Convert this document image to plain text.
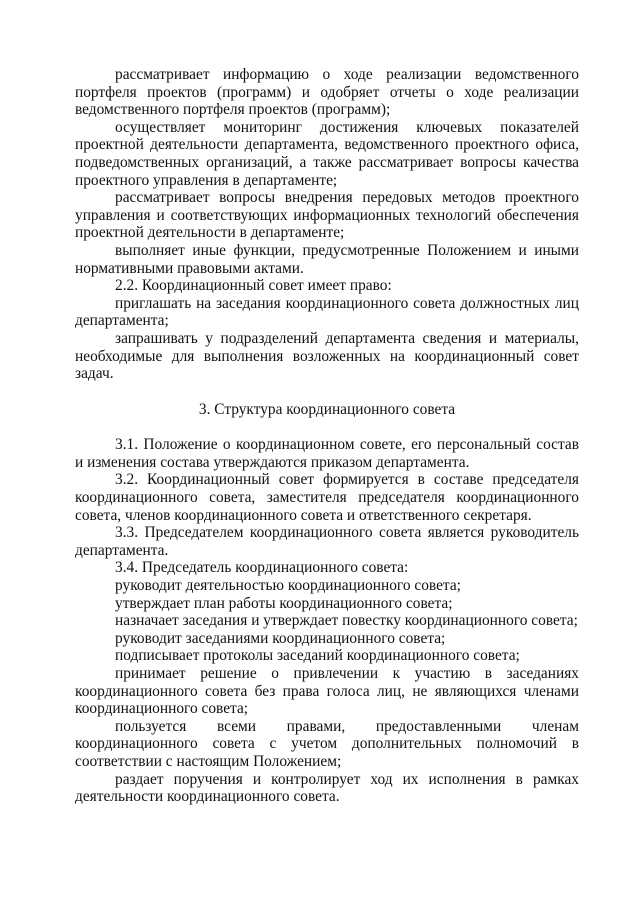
рассматривает информацию о ходе реализации ведомственного портфеля проектов (программ) и одобряет отчеты о ходе реализации ведомственного портфеля проектов (программ);

осуществляет мониторинг достижения ключевых показателей проектной деятельности департамента, ведомственного проектного офиса, подведомственных организаций, а также рассматривает вопросы качества проектного управления в департаменте;

рассматривает вопросы внедрения передовых методов проектного управления и соответствующих информационных технологий обеспечения проектной деятельности в департаменте;

выполняет иные функции, предусмотренные Положением и иными нормативными правовыми актами.

2.2. Координационный совет имеет право:

приглашать на заседания координационного совета должностных лиц департамента;

запрашивать у подразделений департамента сведения и материалы, необходимые для выполнения возложенных на координационный совет задач.

3. Структура координационного совета

3.1. Положение о координационном совете, его персональный состав и изменения состава утверждаются приказом департамента.

3.2. Координационный совет формируется в составе председателя координационного совета, заместителя председателя координационного совета, членов координационного совета и ответственного секретаря.

3.3. Председателем координационного совета является руководитель департамента.

3.4. Председатель координационного совета:

руководит деятельностью координационного совета;

утверждает план работы координационного совета;

назначает заседания и утверждает повестку координационного совета;

руководит заседаниями координационного совета;

подписывает протоколы заседаний координационного совета;

принимает решение о привлечении к участию в заседаниях координационного совета без права голоса лиц, не являющихся членами координационного совета;

пользуется всеми правами, предоставленными членам координационного совета с учетом дополнительных полномочий в соответствии с настоящим Положением;

раздает поручения и контролирует ход их исполнения в рамках деятельности координационного совета.
